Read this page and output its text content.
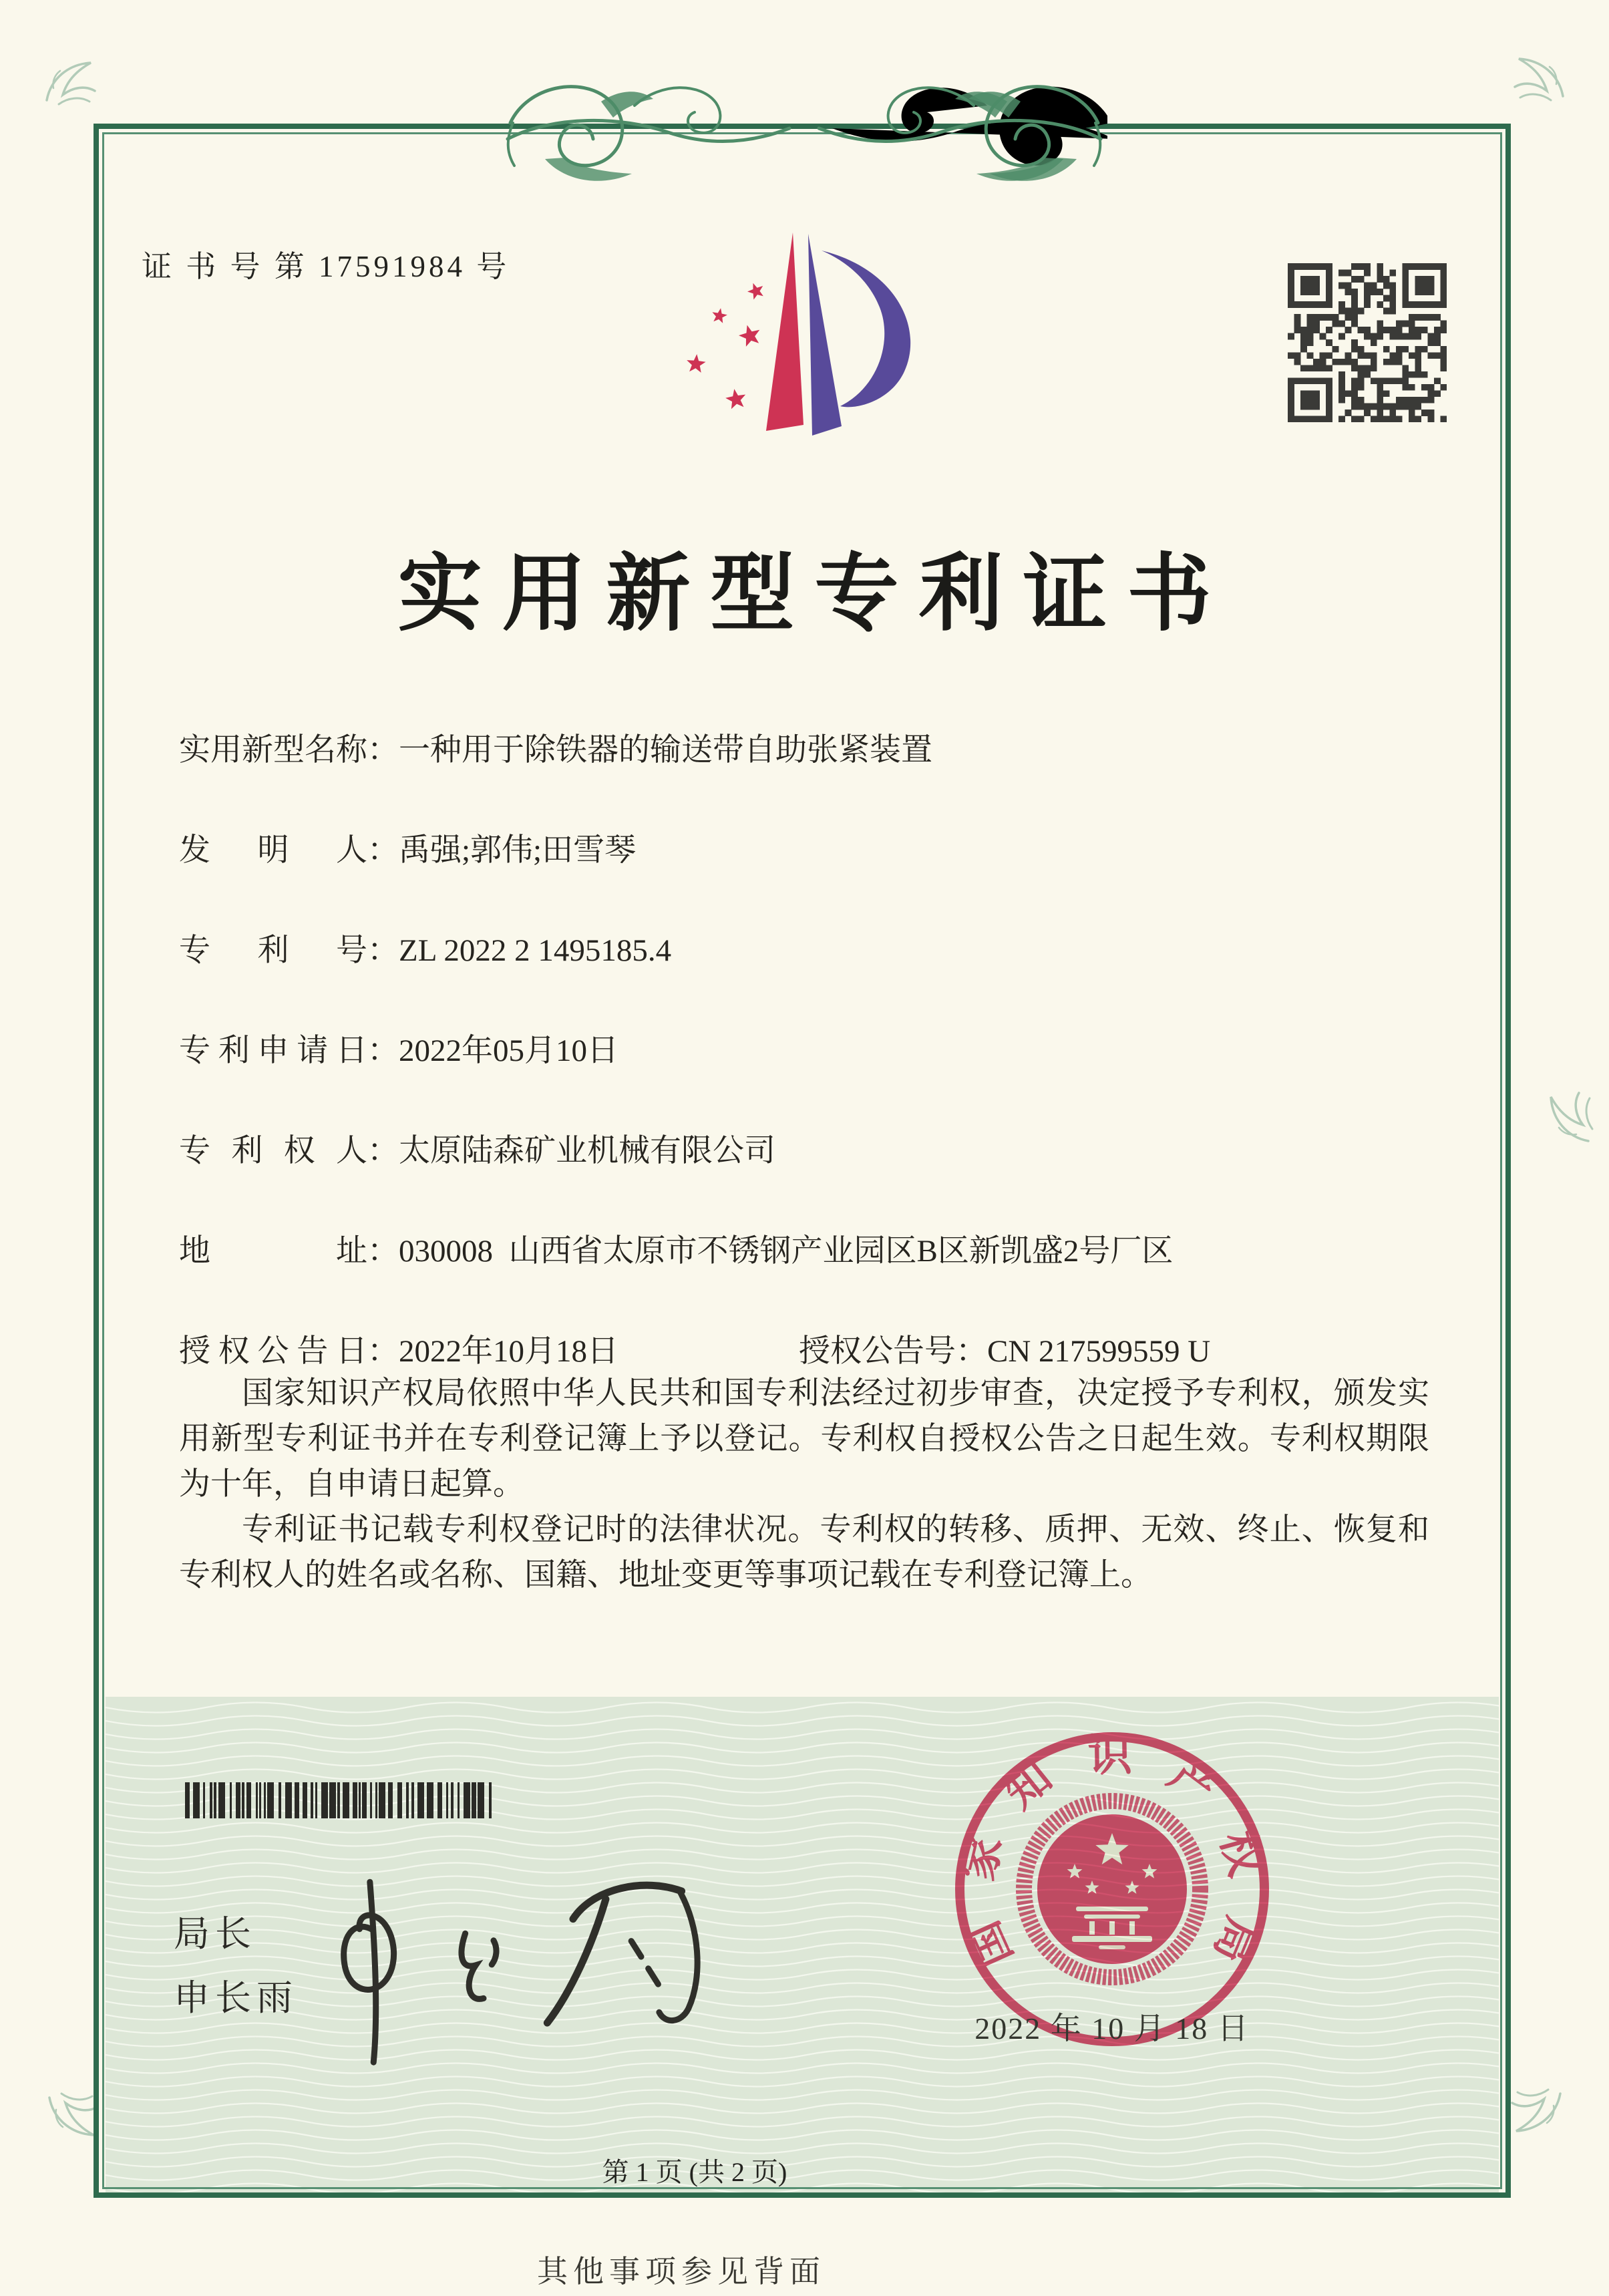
证 书 号 第 17591984 号
实用新型专利证书
实用新型名称：一种用于除铁器的输送带自助张紧装置
发明人：禹强;郭伟;田雪琴
专利号：ZL 2022 2 1495185.4
专利申请日：2022年05月10日
专利权人：太原陆森矿业机械有限公司
地址：030008  山西省太原市不锈钢产业园区B区新凯盛2号厂区
授权公告日：2022年10月18日	授权公告号：CN 217599559 U

国家知识产权局依照中华人民共和国专利法经过初步审查，决定授予专利权，颁发实用新型专利证书并在专利登记簿上予以登记。专利权自授权公告之日起生效。专利权期限为十年，自申请日起算。

专利证书记载专利权登记时的法律状况。专利权的转移、质押、无效、终止、恢复和专利权人的姓名或名称、国籍、地址变更等事项记载在专利登记簿上。

局长
申长雨
国家知识产权局
2022 年 10 月 18 日
第 1 页 (共 2 页)
其他事项参见背面
